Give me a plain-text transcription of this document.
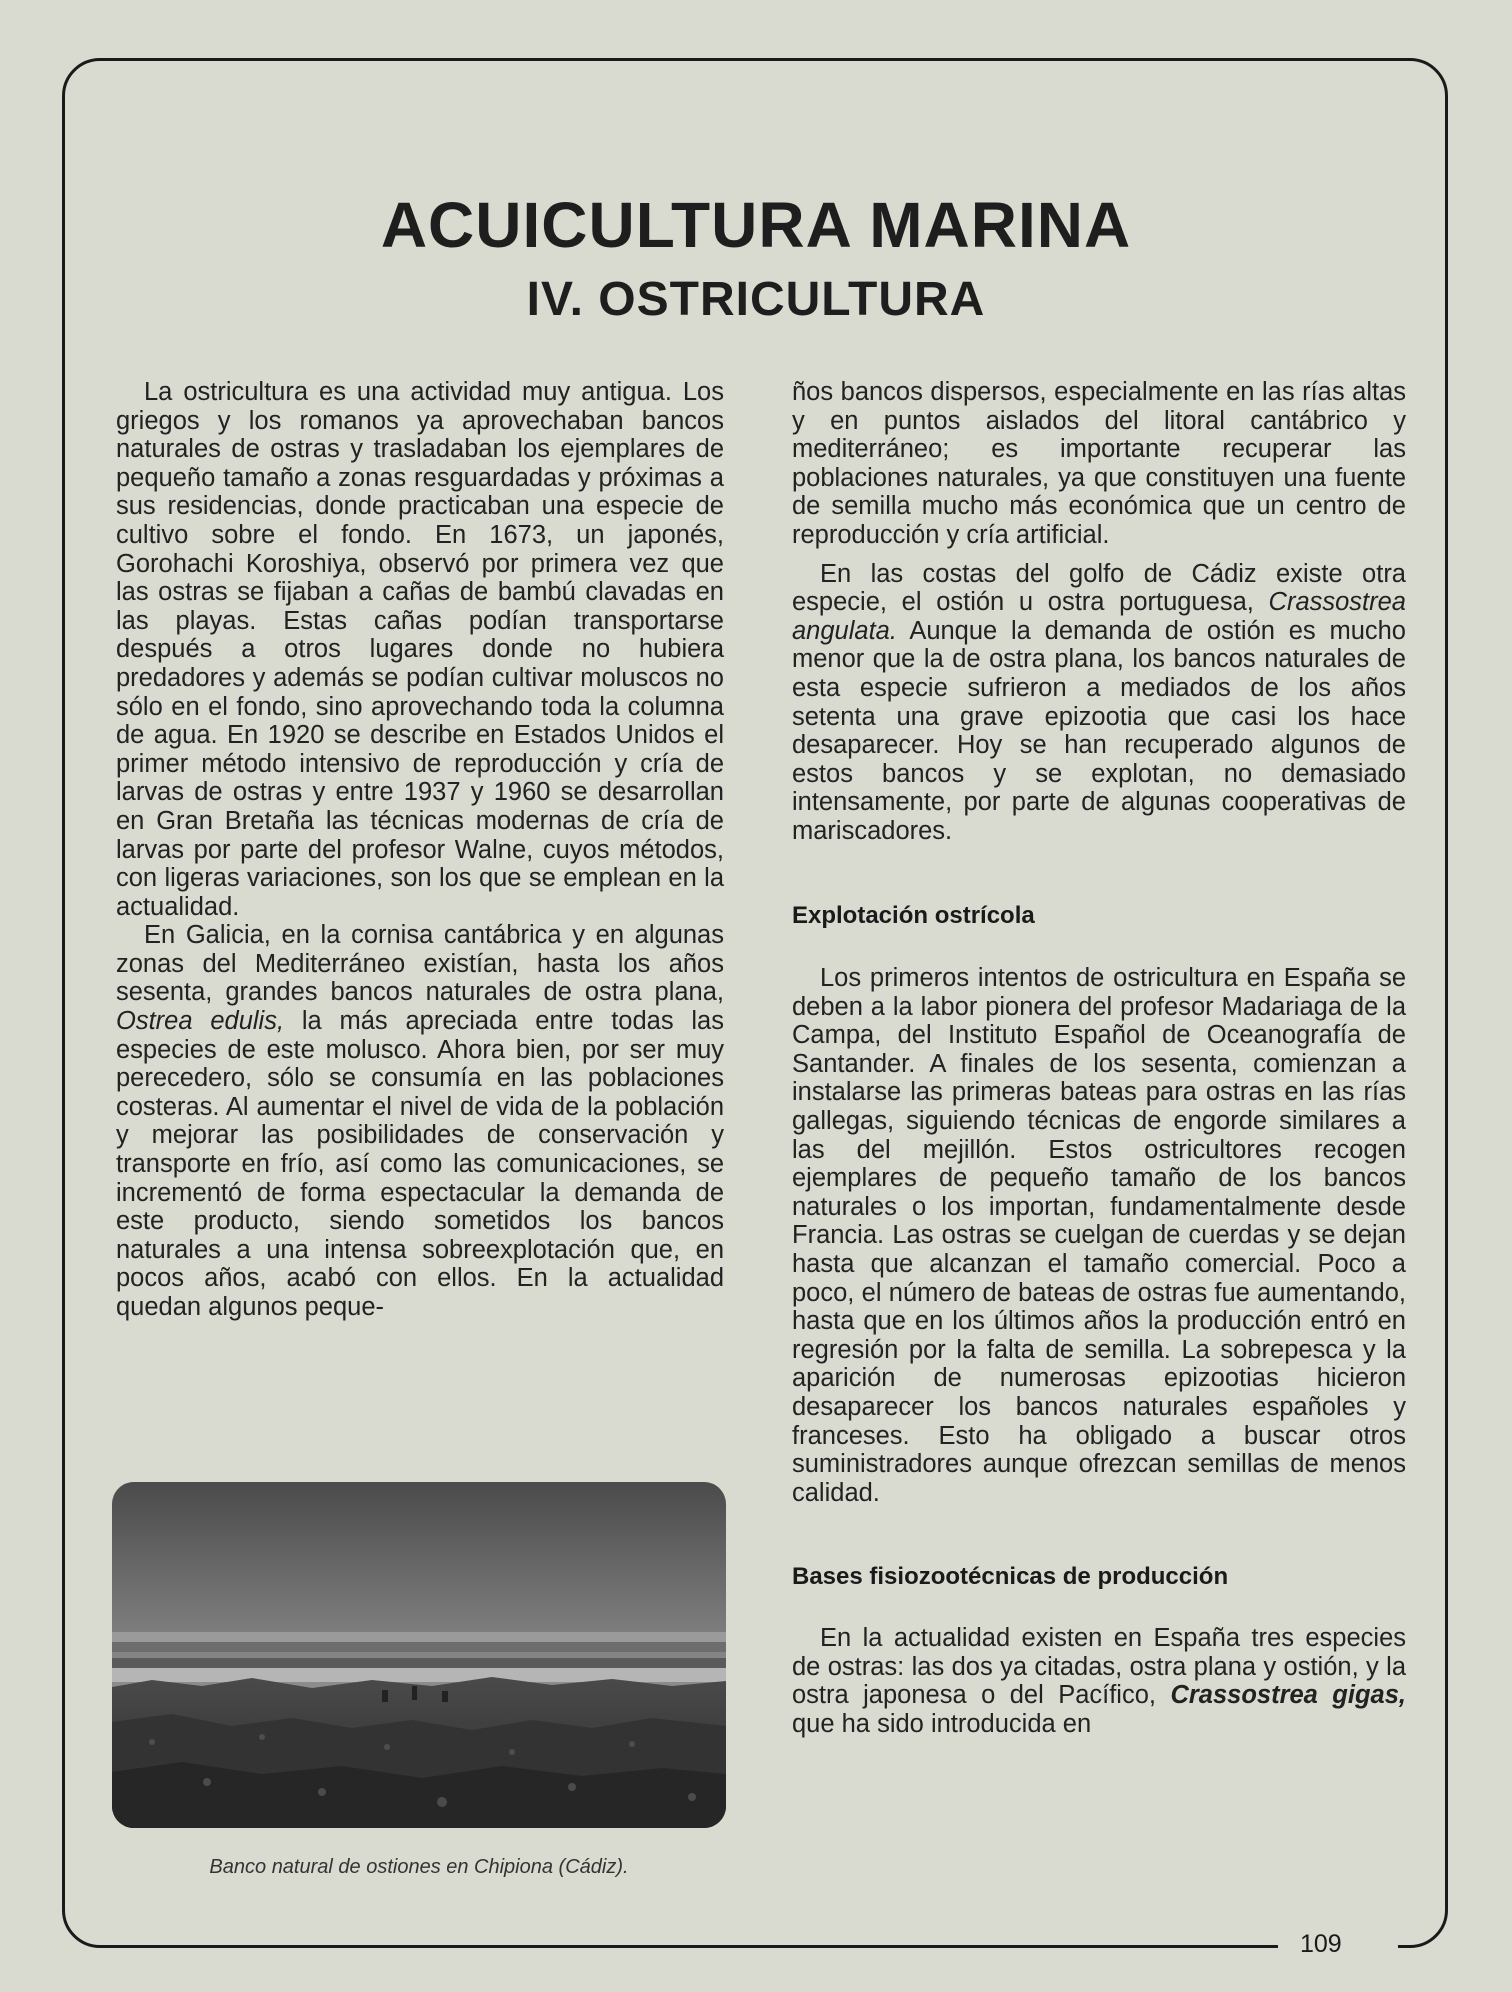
109
ACUICULTURA MARINA
IV. OSTRICULTURA

La ostricultura es una actividad muy antigua. Los griegos y los romanos ya aprovechaban bancos naturales de ostras y trasladaban los ejemplares de pequeño tamaño a zonas resguardadas y próximas a sus residencias, donde practicaban una especie de cultivo sobre el fondo. En 1673, un japonés, Gorohachi Koroshiya, observó por primera vez que las ostras se fijaban a cañas de bambú clavadas en las playas. Estas cañas podían transportarse después a otros lugares donde no hubiera predadores y además se podían cultivar moluscos no sólo en el fondo, sino aprovechando toda la columna de agua. En 1920 se describe en Estados Unidos el primer método intensivo de reproducción y cría de larvas de ostras y entre 1937 y 1960 se desarrollan en Gran Bretaña las técnicas modernas de cría de larvas por parte del profesor Walne, cuyos métodos, con ligeras variaciones, son los que se emplean en la actualidad.

En Galicia, en la cornisa cantábrica y en algunas zonas del Mediterráneo existían, hasta los años sesenta, grandes bancos naturales de ostra plana, Ostrea edulis, la más apreciada entre todas las especies de este molusco. Ahora bien, por ser muy perecedero, sólo se consumía en las poblaciones costeras. Al aumentar el nivel de vida de la población y mejorar las posibilidades de conservación y transporte en frío, así como las comunicaciones, se incrementó de forma espectacular la demanda de este producto, siendo sometidos los bancos naturales a una intensa sobreexplotación que, en pocos años, acabó con ellos. En la actualidad quedan algunos peque-

Banco natural de ostiones en Chipiona (Cádiz).

ños bancos dispersos, especialmente en las rías altas y en puntos aislados del litoral cantábrico y mediterráneo; es importante recuperar las poblaciones naturales, ya que constituyen una fuente de semilla mucho más económica que un centro de reproducción y cría artificial.

En las costas del golfo de Cádiz existe otra especie, el ostión u ostra portuguesa, Crassostrea angulata. Aunque la demanda de ostión es mucho menor que la de ostra plana, los bancos naturales de esta especie sufrieron a mediados de los años setenta una grave epizootia que casi los hace desaparecer. Hoy se han recuperado algunos de estos bancos y se explotan, no demasiado intensamente, por parte de algunas cooperativas de mariscadores.

Explotación ostrícola

Los primeros intentos de ostricultura en España se deben a la labor pionera del profesor Madariaga de la Campa, del Instituto Español de Oceanografía de Santander. A finales de los sesenta, comienzan a instalarse las primeras bateas para ostras en las rías gallegas, siguiendo técnicas de engorde similares a las del mejillón. Estos ostricultores recogen ejemplares de pequeño tamaño de los bancos naturales o los importan, fundamentalmente desde Francia. Las ostras se cuelgan de cuerdas y se dejan hasta que alcanzan el tamaño comercial. Poco a poco, el número de bateas de ostras fue aumentando, hasta que en los últimos años la producción entró en regresión por la falta de semilla. La sobrepesca y la aparición de numerosas epizootias hicieron desaparecer los bancos naturales españoles y franceses. Esto ha obligado a buscar otros suministradores aunque ofrezcan semillas de menos calidad.

Bases fisiozootécnicas de producción

En la actualidad existen en España tres especies de ostras: las dos ya citadas, ostra plana y ostión, y la ostra japonesa o del Pacífico, Crassostrea gigas, que ha sido introducida en
